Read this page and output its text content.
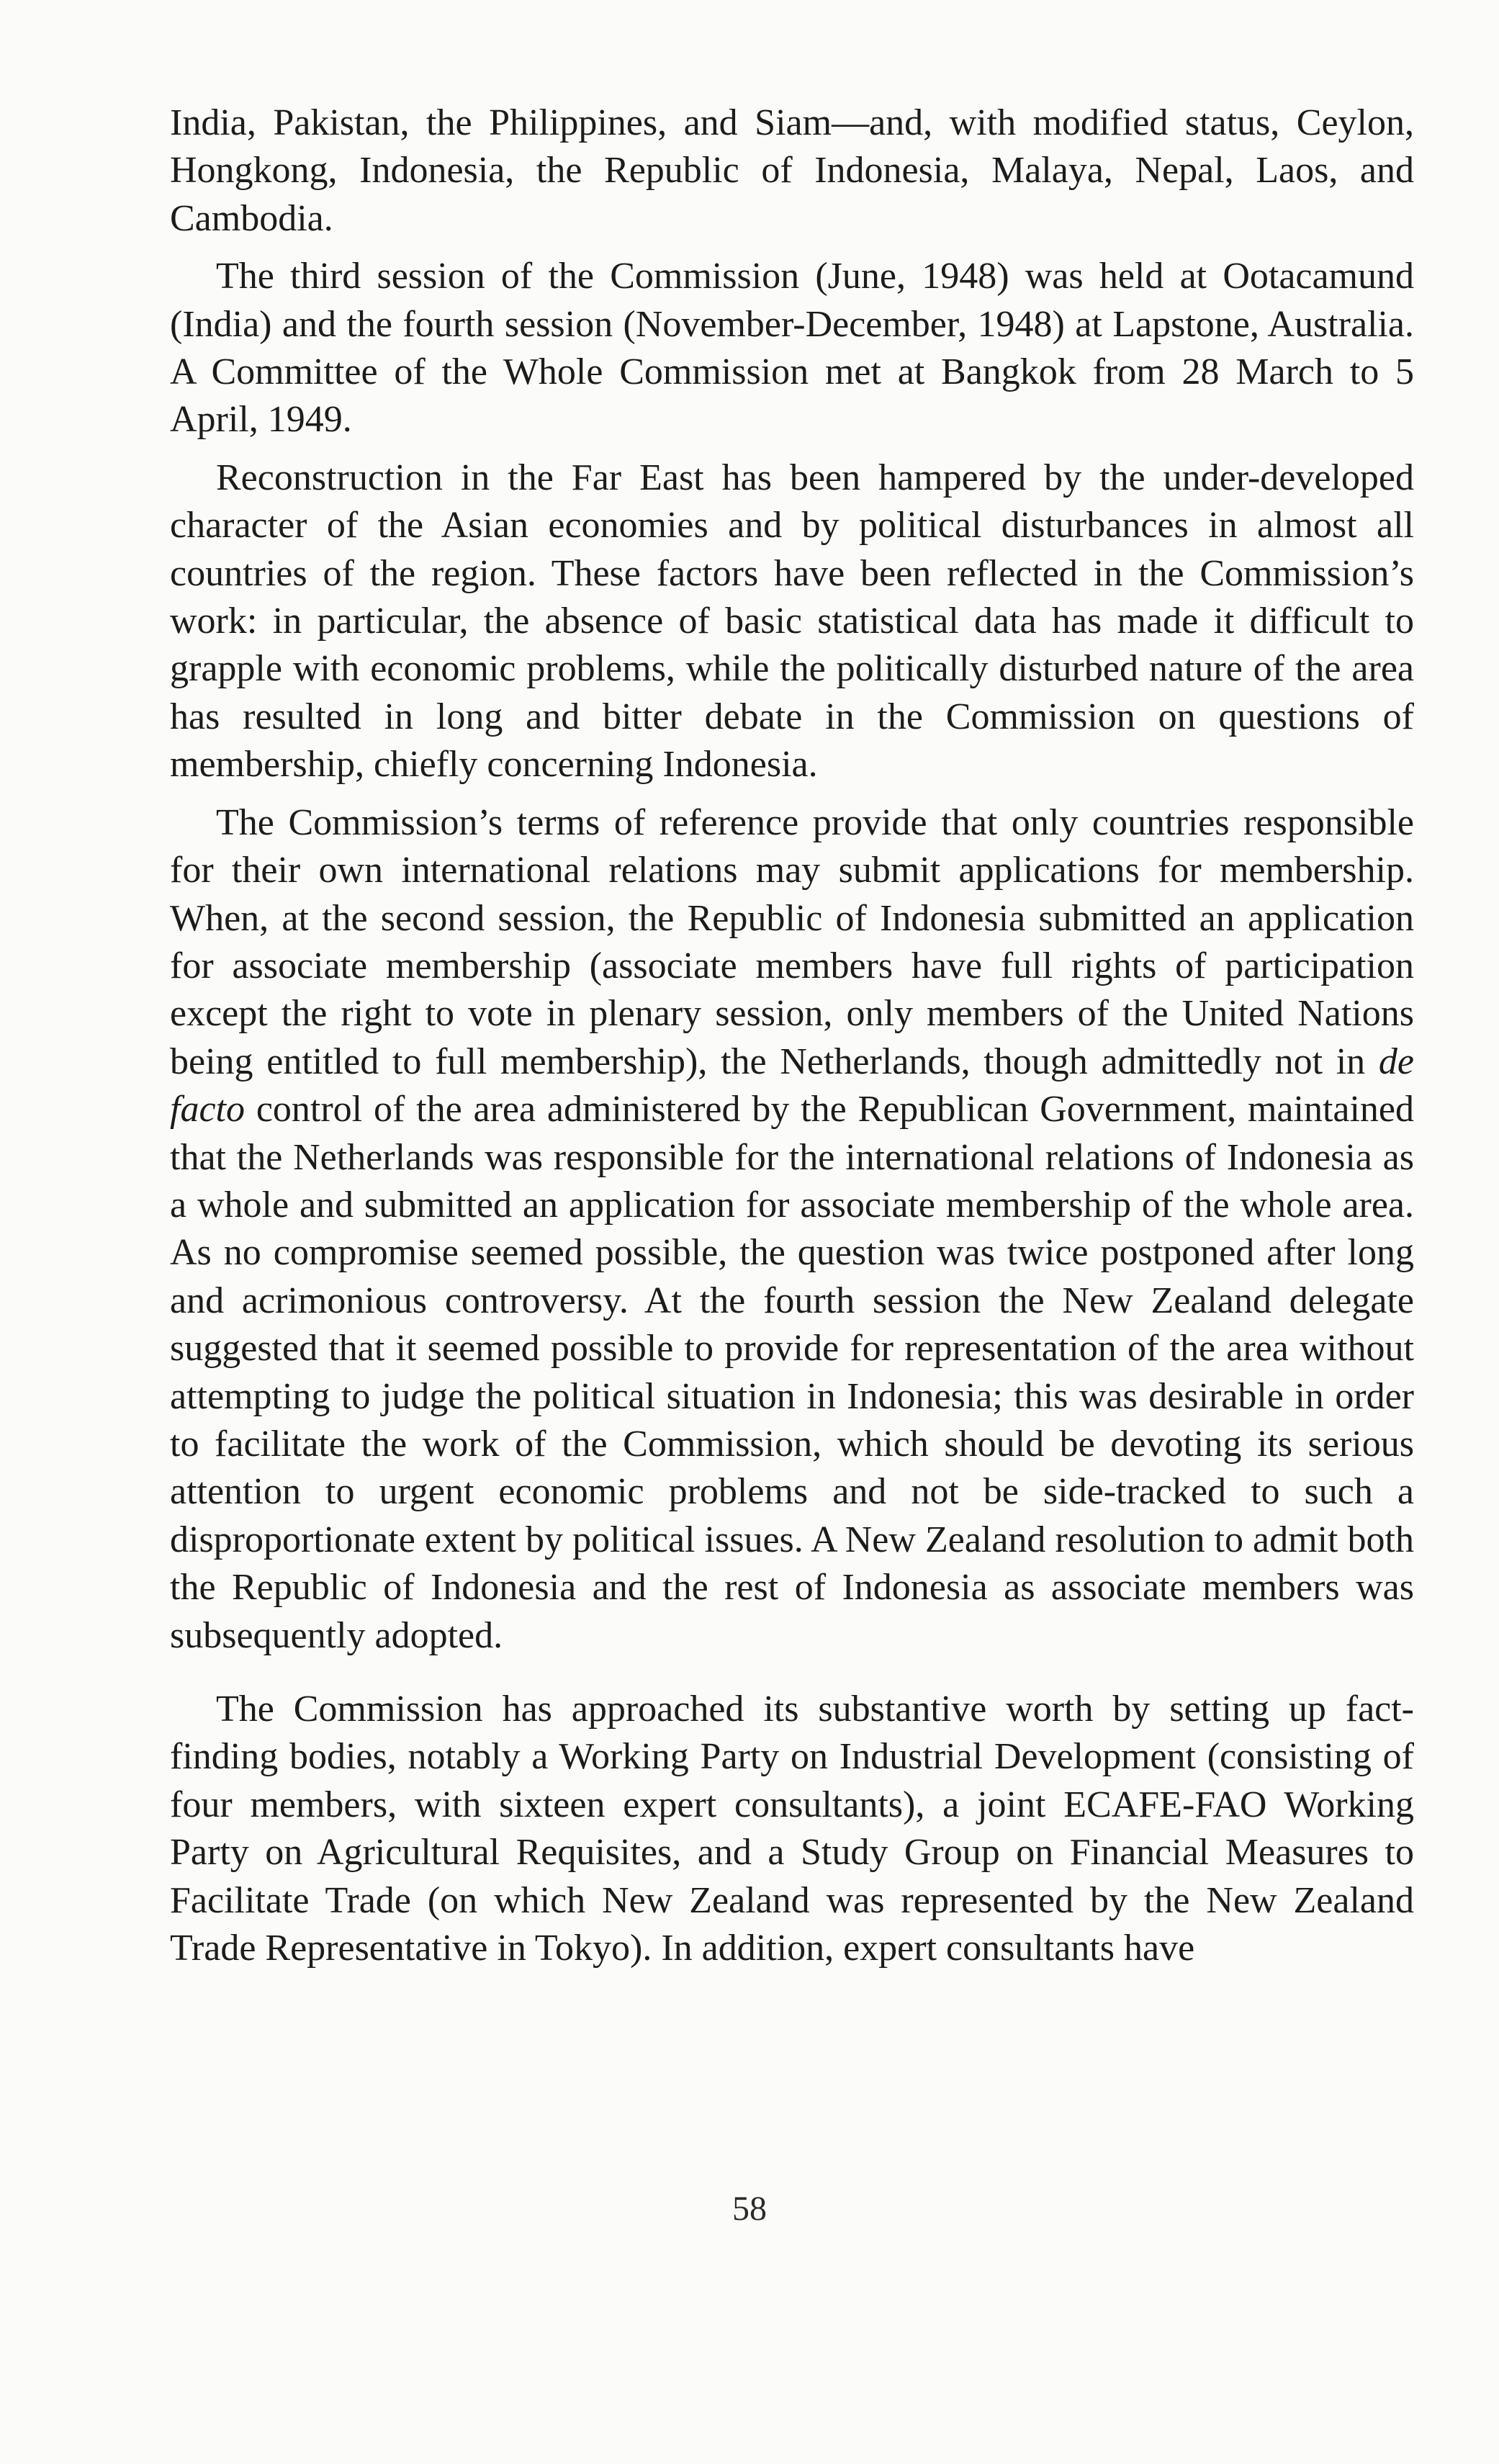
India, Pakistan, the Philippines, and Siam—and, with modified status, Ceylon, Hongkong, Indonesia, the Republic of Indonesia, Malaya, Nepal, Laos, and Cambodia.

The third session of the Commission (June, 1948) was held at Ootacamund (India) and the fourth session (November-December, 1948) at Lapstone, Australia. A Committee of the Whole Commission met at Bangkok from 28 March to 5 April, 1949.

Reconstruction in the Far East has been hampered by the under-developed character of the Asian economies and by political disturbances in almost all countries of the region. These factors have been reflected in the Commission’s work: in particular, the absence of basic statistical data has made it difficult to grapple with economic problems, while the politically disturbed nature of the area has resulted in long and bitter debate in the Commission on questions of membership, chiefly concerning Indonesia.

The Commission’s terms of reference provide that only countries responsible for their own international relations may submit applications for membership. When, at the second session, the Republic of Indonesia submitted an application for associate membership (associate members have full rights of participation except the right to vote in plenary session, only members of the United Nations being entitled to full membership), the Netherlands, though admittedly not in de facto control of the area administered by the Republican Government, maintained that the Netherlands was responsible for the international relations of Indonesia as a whole and submitted an application for associate membership of the whole area. As no compromise seemed possible, the question was twice postponed after long and acrimonious controversy. At the fourth session the New Zealand delegate suggested that it seemed possible to provide for representation of the area without attempting to judge the political situation in Indonesia; this was desirable in order to facilitate the work of the Commission, which should be devoting its serious attention to urgent economic problems and not be side-tracked to such a disproportionate extent by political issues. A New Zealand resolution to admit both the Republic of Indonesia and the rest of Indonesia as associate members was subsequently adopted.

The Commission has approached its substantive worth by setting up fact-finding bodies, notably a Working Party on Industrial Development (consisting of four members, with sixteen expert consultants), a joint ECAFE-FAO Working Party on Agricultural Requisites, and a Study Group on Financial Measures to Facilitate Trade (on which New Zealand was represented by the New Zealand Trade Representative in Tokyo). In addition, expert consultants have

58
